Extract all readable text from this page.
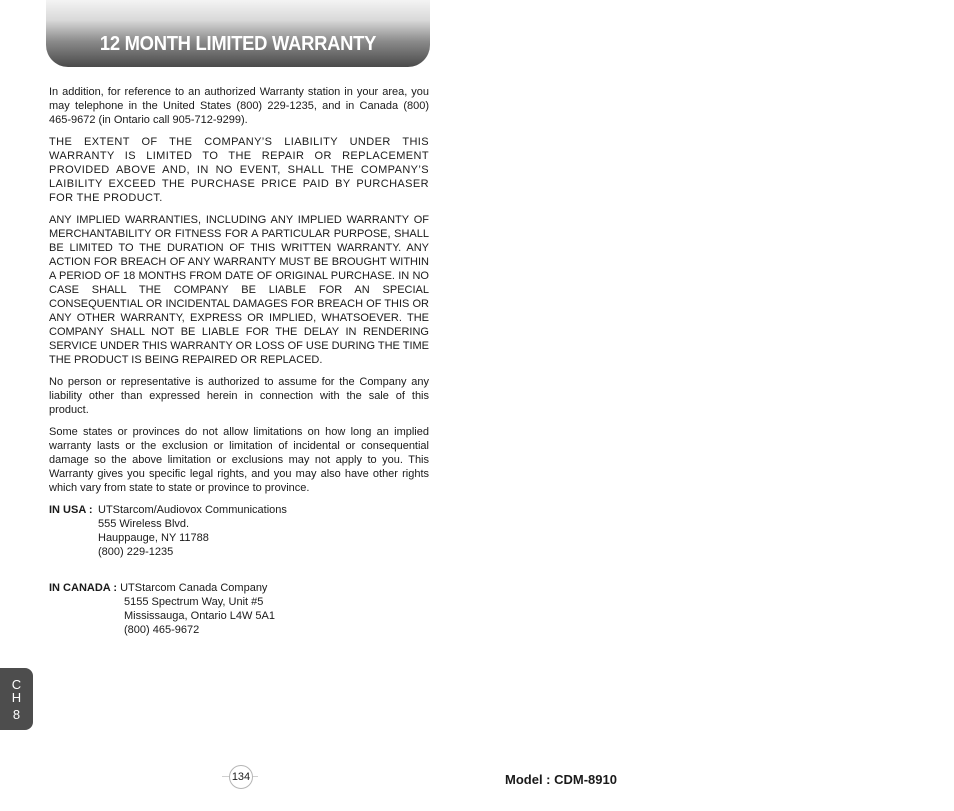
12 MONTH LIMITED WARRANTY

In addition, for reference to an authorized Warranty station in your area, you may telephone in the United States (800) 229-1235, and in Canada (800) 465-9672 (in Ontario call 905-712-9299).

THE EXTENT OF THE COMPANY’S LIABILITY UNDER THIS WARRANTY IS LIMITED TO THE REPAIR OR REPLACEMENT PROVIDED ABOVE AND, IN NO EVENT, SHALL THE COMPANY’S LAIBILITY EXCEED THE PURCHASE PRICE PAID BY PURCHASER FOR THE PRODUCT.

ANY IMPLIED WARRANTIES, INCLUDING ANY IMPLIED WARRANTY OF MERCHANTABILITY OR FITNESS FOR A PARTICULAR PURPOSE, SHALL BE LIMITED TO THE DURATION OF THIS WRITTEN WARRANTY. ANY ACTION FOR BREACH OF ANY WARRANTY MUST BE BROUGHT WITHIN A PERIOD OF 18 MONTHS FROM DATE OF ORIGINAL PURCHASE. IN NO CASE SHALL THE COMPANY BE LIABLE FOR AN SPECIAL CONSEQUENTIAL OR INCIDENTAL DAMAGES FOR BREACH OF THIS OR ANY OTHER WARRANTY, EXPRESS OR IMPLIED, WHATSOEVER. THE COMPANY SHALL NOT BE LIABLE FOR THE DELAY IN RENDERING SERVICE UNDER THIS WARRANTY OR LOSS OF USE DURING THE TIME THE PRODUCT IS BEING REPAIRED OR REPLACED.

No person or representative is authorized to assume for the Company any liability other than expressed herein in connection with the sale of this product.

Some states or provinces do not allow limitations on how long an implied warranty lasts or the exclusion or limitation of incidental or consequential damage so the above limitation or exclusions may not apply to you. This Warranty gives you specific legal rights, and you may also have other rights which vary from state to state or province to province.

IN USA : UTStarcom/Audiovox Communications
555 Wireless Blvd.
Hauppauge, NY 11788
(800) 229-1235
IN CANADA : UTStarcom Canada Company
5155 Spectrum Way, Unit #5
Mississauga, Ontario L4W 5A1
(800) 465-9672
C
H
8
134	Model : CDM-8910
